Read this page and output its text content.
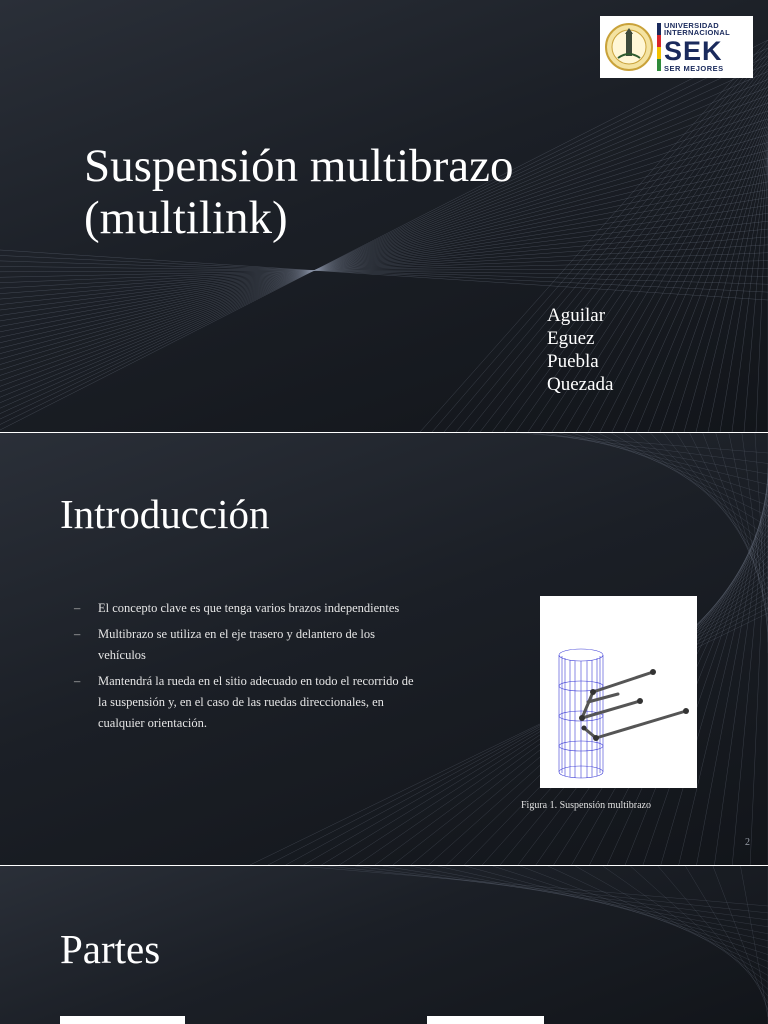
UNIVERSIDAD
INTERNACIONAL
SEK
SER MEJORES
Suspensión multibrazo
(multilink)
Aguilar
Eguez
Puebla
Quezada
Introducción
– El concepto clave es que tenga varios brazos independientes
– Multibrazo se utiliza en el eje trasero y delantero de los vehículos
– Mantendrá la rueda en el sitio adecuado en todo el recorrido de la suspensión y, en el caso de las ruedas direccionales, en cualquier orientación.
Figura 1. Suspensión multibrazo
2
Partes
